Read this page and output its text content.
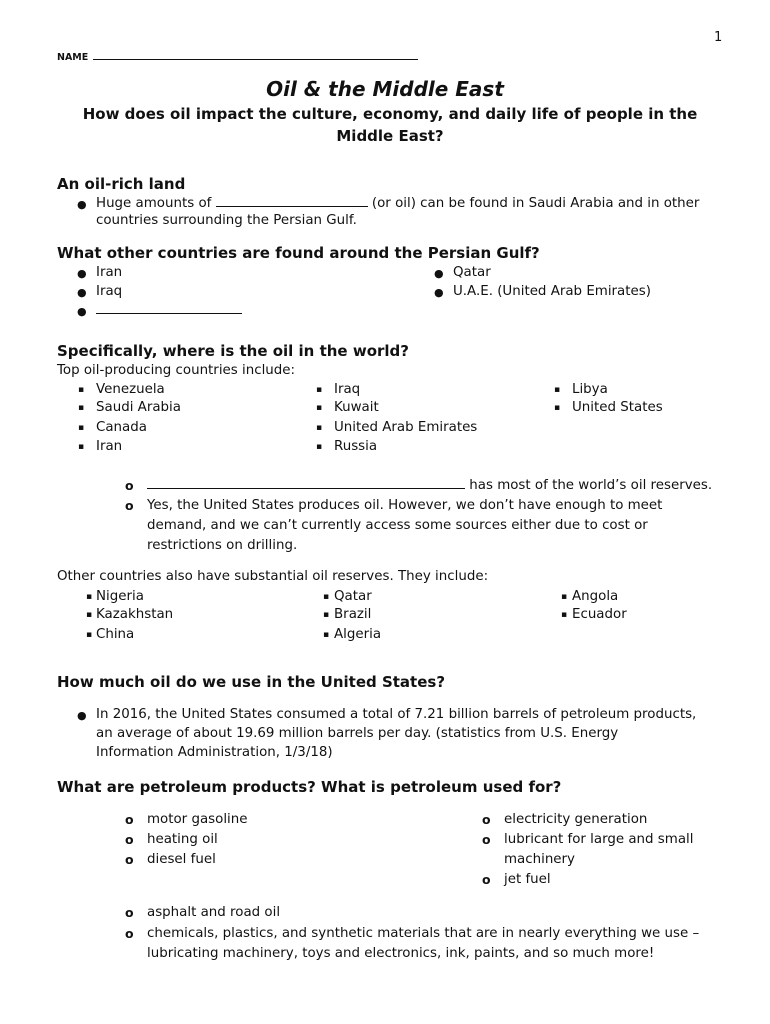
1
NAME
Oil & the Middle East
How does oil impact the culture, economy, and daily life of people in the
Middle East?
An oil-rich land
● Huge amounts of	(or oil) can be found in Saudi Arabia and in other
countries surrounding the Persian Gulf.
What other countries are found around the Persian Gulf?
● Iran
● Iraq
●
● Qatar
● U.A.E. (United Arab Emirates)
Specifically, where is the oil in the world?
Top oil-producing countries include:
▪ Venezuela
▪ Saudi Arabia
▪ Canada
▪ Iran
▪ Iraq
▪ Kuwait
▪ United Arab Emirates
▪ Russia
▪ Libya
▪ United States
o	has most of the world’s oil reserves.
o Yes, the United States produces oil. However, we don’t have enough to meet
demand, and we can’t currently access some sources either due to cost or
restrictions on drilling.
Other countries also have substantial oil reserves. They include:
▪ Nigeria
▪ Kazakhstan
▪ China
▪ Qatar
▪ Brazil
▪ Algeria
▪ Angola
▪ Ecuador
How much oil do we use in the United States?
● In 2016, the United States consumed a total of 7.21 billion barrels of petroleum products,
an average of about 19.69 million barrels per day. (statistics from U.S. Energy
Information Administration, 1/3/18)
What are petroleum products? What is petroleum used for?
o motor gasoline
o heating oil
o diesel fuel
o electricity generation
o lubricant for large and small
machinery
o jet fuel
o asphalt and road oil
o chemicals, plastics, and synthetic materials that are in nearly everything we use –
lubricating machinery, toys and electronics, ink, paints, and so much more!
